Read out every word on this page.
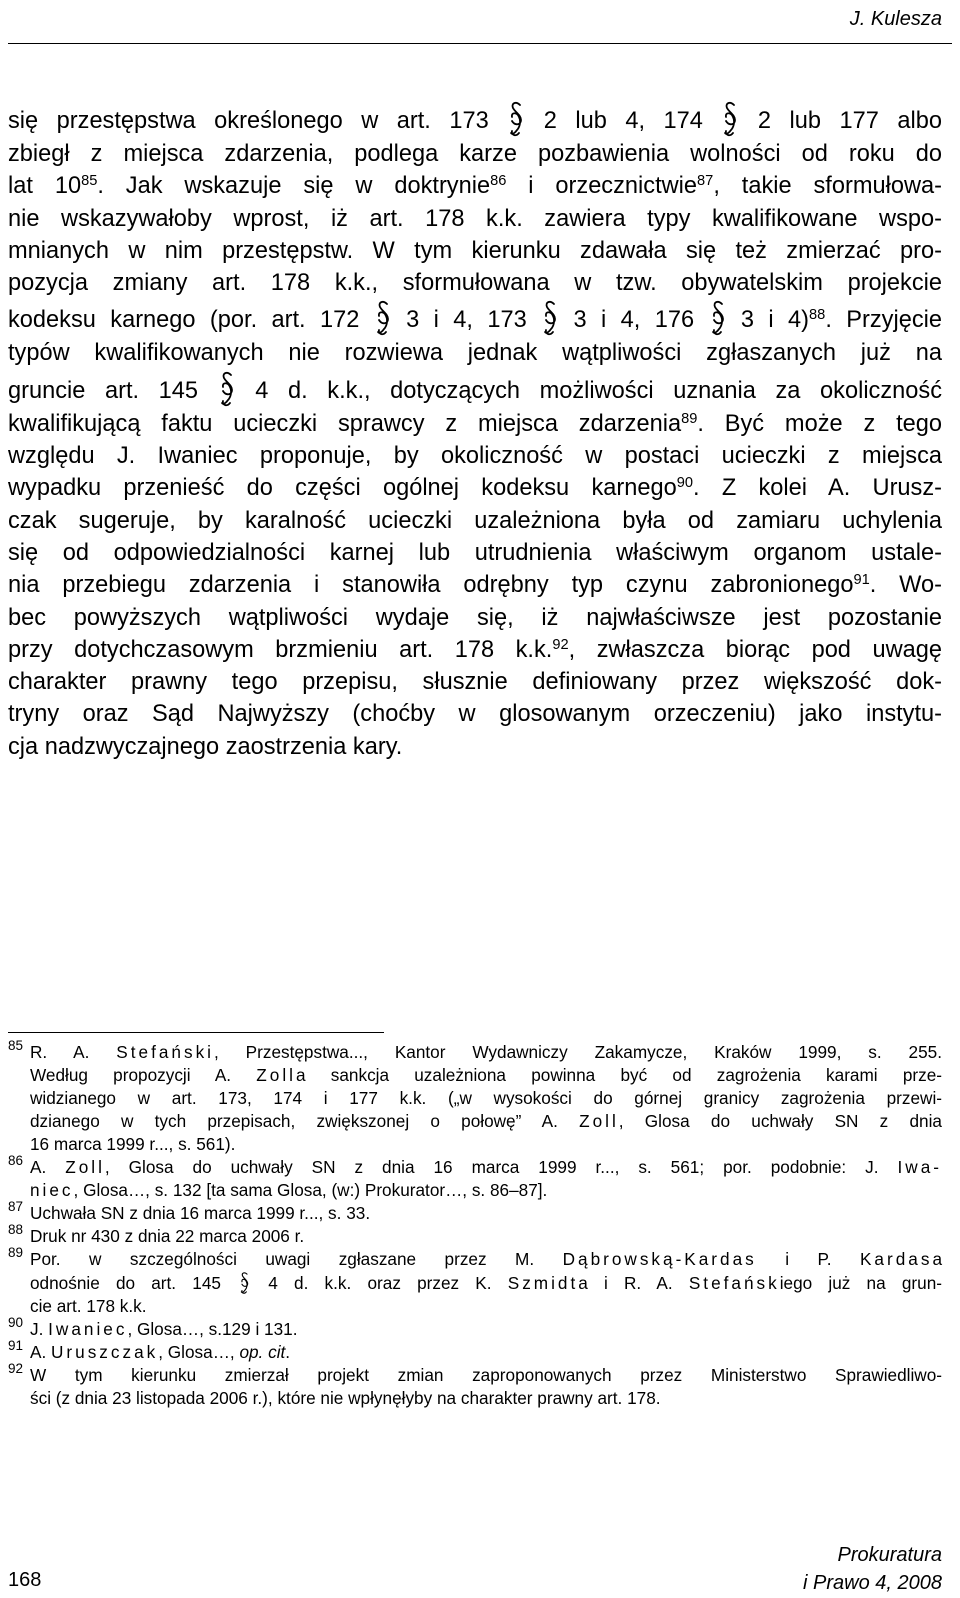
J. Kulesza
się przestępstwa określonego w art. 173
2 lub 4, 174
2 lub 177 albo
zbiegł z miejsca zdarzenia, podlega karze pozbawienia wolności od roku do
lat $10^{85}$. Jak wskazuje się w doktrynie$^{86}$ i orzecznictwie$^{87}$, takie sformułowa-
nie wskazywałoby wprost, iż art. 178 k.k. zawiera typy kwalifikowane wspo-
mnianych w nim przestępstw. W tym kierunku zdawała się też zmierzać pro-
pozycja zmiany art. 178 k.k., sformułowana w tzw. obywatelskim projekcie
kodeksu karnego (por. art. 172
3 i 4, 173
3 i 4, 176
3 i 4)$^{88}$. Przyjęcie
typów kwalifikowanych nie rozwiewa jednak wątpliwości zgłaszanych już na
gruncie art. 145
4 d. k.k., dotyczących możliwości uznania za okoliczność
kwalifikującą faktu ucieczki sprawcy z miejsca zdarzenia$^{89}$. Być może z tego
względu J. Iwaniec proponuje, by okoliczność w postaci ucieczki z miejsca
wypadku przenieść do części ogólnej kodeksu karnego$^{90}$. Z kolei A. Urusz-
czak sugeruje, by karalność ucieczki uzależniona była od zamiaru uchylenia
się od odpowiedzialności karnej lub utrudnienia właściwym organom ustale-
nia przebiegu zdarzenia i stanowiła odrębny typ czynu zabronionego$^{91}$. Wo-
bec powyższych wątpliwości wydaje się, iż najwłaściwsze jest pozostanie
przy dotychczasowym brzmieniu art. 178 k.k.$^{92}$, zwłaszcza biorąc pod uwagę
charakter prawny tego przepisu, słusznie definiowany przez większość dok-
tryny oraz Sąd Najwyższy (choćby w glosowanym orzeczeniu) jako instytu-
cja nadzwyczajnego zaostrzenia kary.
85 R. A. Stefański, Przestępstwa..., Kantor Wydawniczy Zakamycze, Kraków 1999, s. 255.
Według propozycji A. Zolla sankcja uzależniona powinna być od zagrożenia karami prze-
widzianego w art. 173, 174 i 177 k.k. („w wysokości do górnej granicy zagrożenia przewi-
dzianego w tych przepisach, zwiększonej o połowę” A. Zoll, Glosa do uchwały SN z dnia
16 marca 1999 r..., s. 561).
86 A. Zoll, Glosa do uchwały SN z dnia 16 marca 1999 r..., s. 561; por. podobnie: J. Iwa-
niec, Glosa…, s. 132 [ta sama Glosa, (w:) Prokurator…, s. 86–87].
87 Uchwała SN z dnia 16 marca 1999 r..., s. 33.
88 Druk nr 430 z dnia 22 marca 2006 r.
89 Por. w szczególności uwagi zgłaszane przez M. Dąbrowską-Kardas i P. Kardasa
odnośnie do art. 145  4 d. k.k. oraz przez K. Szmidta i R. A. Stefańskiego już na grun-
cie art. 178 k.k.
90 J. Iwaniec, Glosa…, s.129 i 131.
91 A. Uruszczak, Glosa…, op. cit.
92 W tym kierunku zmierzał projekt zmian zaproponowanych przez Ministerstwo Sprawiedliwo-
ści (z dnia 23 listopada 2006 r.), które nie wpłynęłyby na charakter prawny art. 178.
168
Prokuratura
i Prawo 4, 2008
